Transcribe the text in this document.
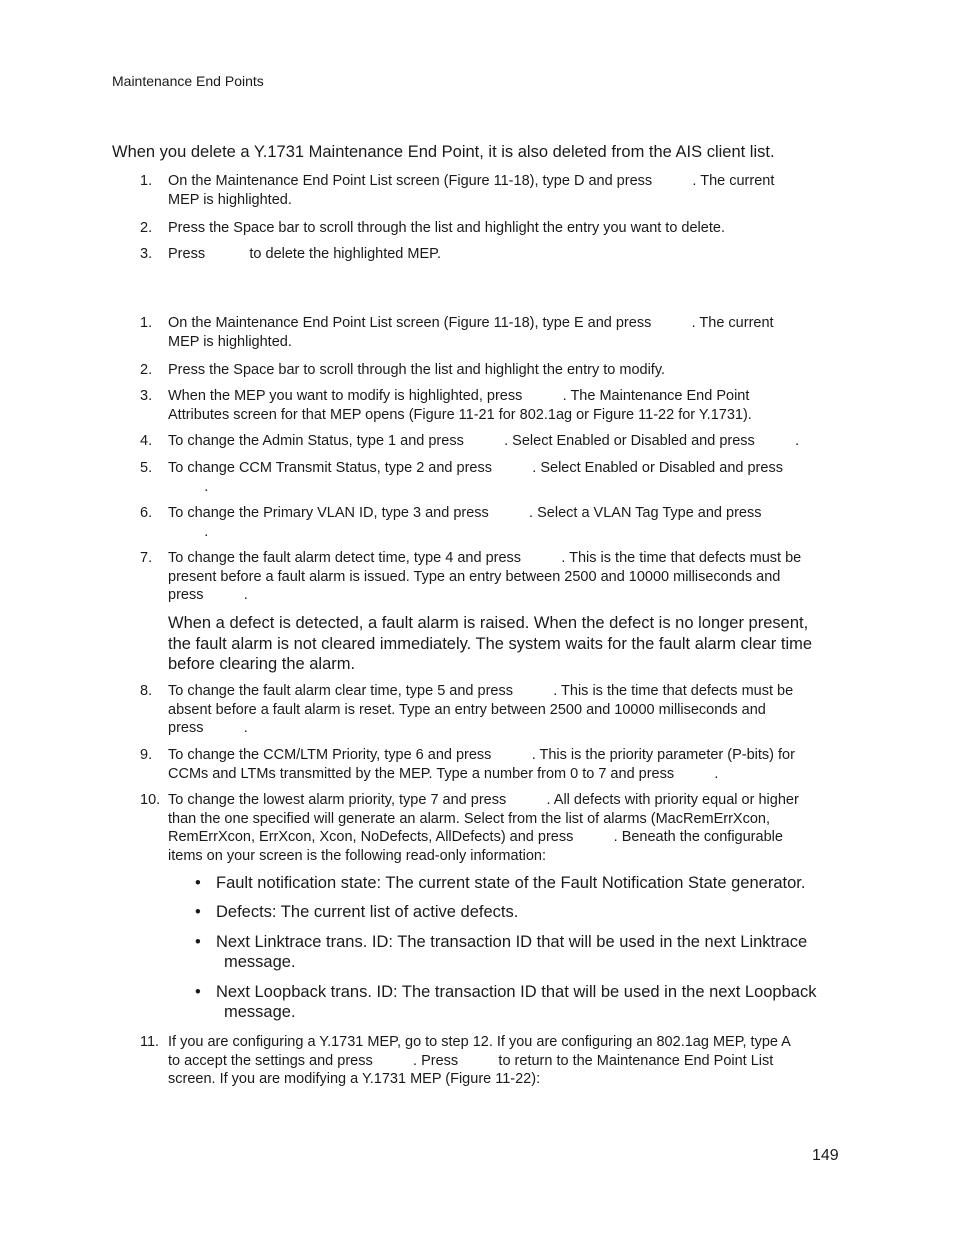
Maintenance End Points
When you delete a Y.1731 Maintenance End Point, it is also deleted from the AIS client list.
1. On the Maintenance End Point List screen (Figure 11-18), type D and press          . The current
MEP is highlighted.
2. Press the Space bar to scroll through the list and highlight the entry you want to delete.
3. Press           to delete the highlighted MEP.
1. On the Maintenance End Point List screen (Figure 11-18), type E and press          . The current
MEP is highlighted.
2. Press the Space bar to scroll through the list and highlight the entry to modify.
3. When the MEP you want to modify is highlighted, press          . The Maintenance End Point
Attributes screen for that MEP opens (Figure 11-21 for 802.1ag or Figure 11-22 for Y.1731).
4. To change the Admin Status, type 1 and press          . Select Enabled or Disabled and press          .
5. To change CCM Transmit Status, type 2 and press          . Select Enabled or Disabled and press
.
6. To change the Primary VLAN ID, type 3 and press          . Select a VLAN Tag Type and press
.
7. To change the fault alarm detect time, type 4 and press          . This is the time that defects must be
present before a fault alarm is issued. Type an entry between 2500 and 10000 milliseconds and
press          .
When a defect is detected, a fault alarm is raised. When the defect is no longer present,
the fault alarm is not cleared immediately. The system waits for the fault alarm clear time
before clearing the alarm.
8. To change the fault alarm clear time, type 5 and press          . This is the time that defects must be
absent before a fault alarm is reset. Type an entry between 2500 and 10000 milliseconds and
press          .
9. To change the CCM/LTM Priority, type 6 and press          . This is the priority parameter (P-bits) for
CCMs and LTMs transmitted by the MEP. Type a number from 0 to 7 and press          .
10. To change the lowest alarm priority, type 7 and press          . All defects with priority equal or higher
than the one specified will generate an alarm. Select from the list of alarms (MacRemErrXcon,
RemErrXcon, ErrXcon, Xcon, NoDefects, AllDefects) and press          . Beneath the configurable
items on your screen is the following read-only information:
• Fault notification state: The current state of the Fault Notification State generator.
• Defects: The current list of active defects.
• Next Linktrace trans. ID: The transaction ID that will be used in the next Linktrace
message.
• Next Loopback trans. ID: The transaction ID that will be used in the next Loopback
message.
11. If you are configuring a Y.1731 MEP, go to step 12. If you are configuring an 802.1ag MEP, type A
to accept the settings and press          . Press          to return to the Maintenance End Point List
screen. If you are modifying a Y.1731 MEP (Figure 11-22):
149
